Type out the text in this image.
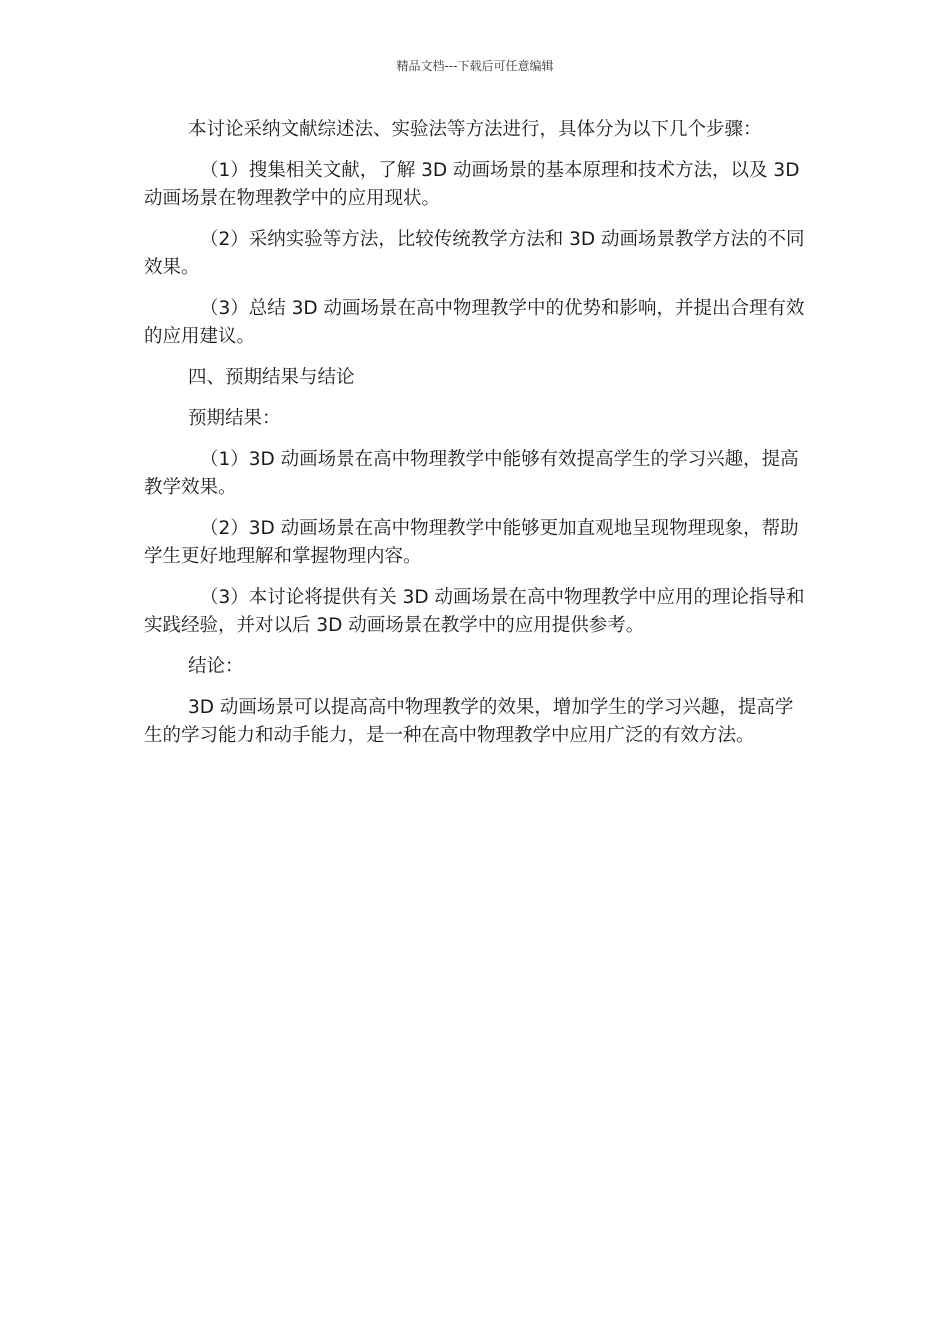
精品文档---下载后可任意编辑

本讨论采纳文献综述法、实验法等方法进行，具体分为以下几个步骤：

（1）搜集相关文献，了解 3D 动画场景的基本原理和技术方法，以及 3D 动画场景在物理教学中的应用现状。

（2）采纳实验等方法，比较传统教学方法和 3D 动画场景教学方法的不同效果。

（3）总结 3D 动画场景在高中物理教学中的优势和影响，并提出合理有效的应用建议。

四、预期结果与结论

预期结果：

（1）3D 动画场景在高中物理教学中能够有效提高学生的学习兴趣，提高教学效果。

（2）3D 动画场景在高中物理教学中能够更加直观地呈现物理现象，帮助学生更好地理解和掌握物理内容。

（3）本讨论将提供有关 3D 动画场景在高中物理教学中应用的理论指导和实践经验，并对以后 3D 动画场景在教学中的应用提供参考。

结论：

3D 动画场景可以提高高中物理教学的效果，增加学生的学习兴趣，提高学生的学习能力和动手能力，是一种在高中物理教学中应用广泛的有效方法。
